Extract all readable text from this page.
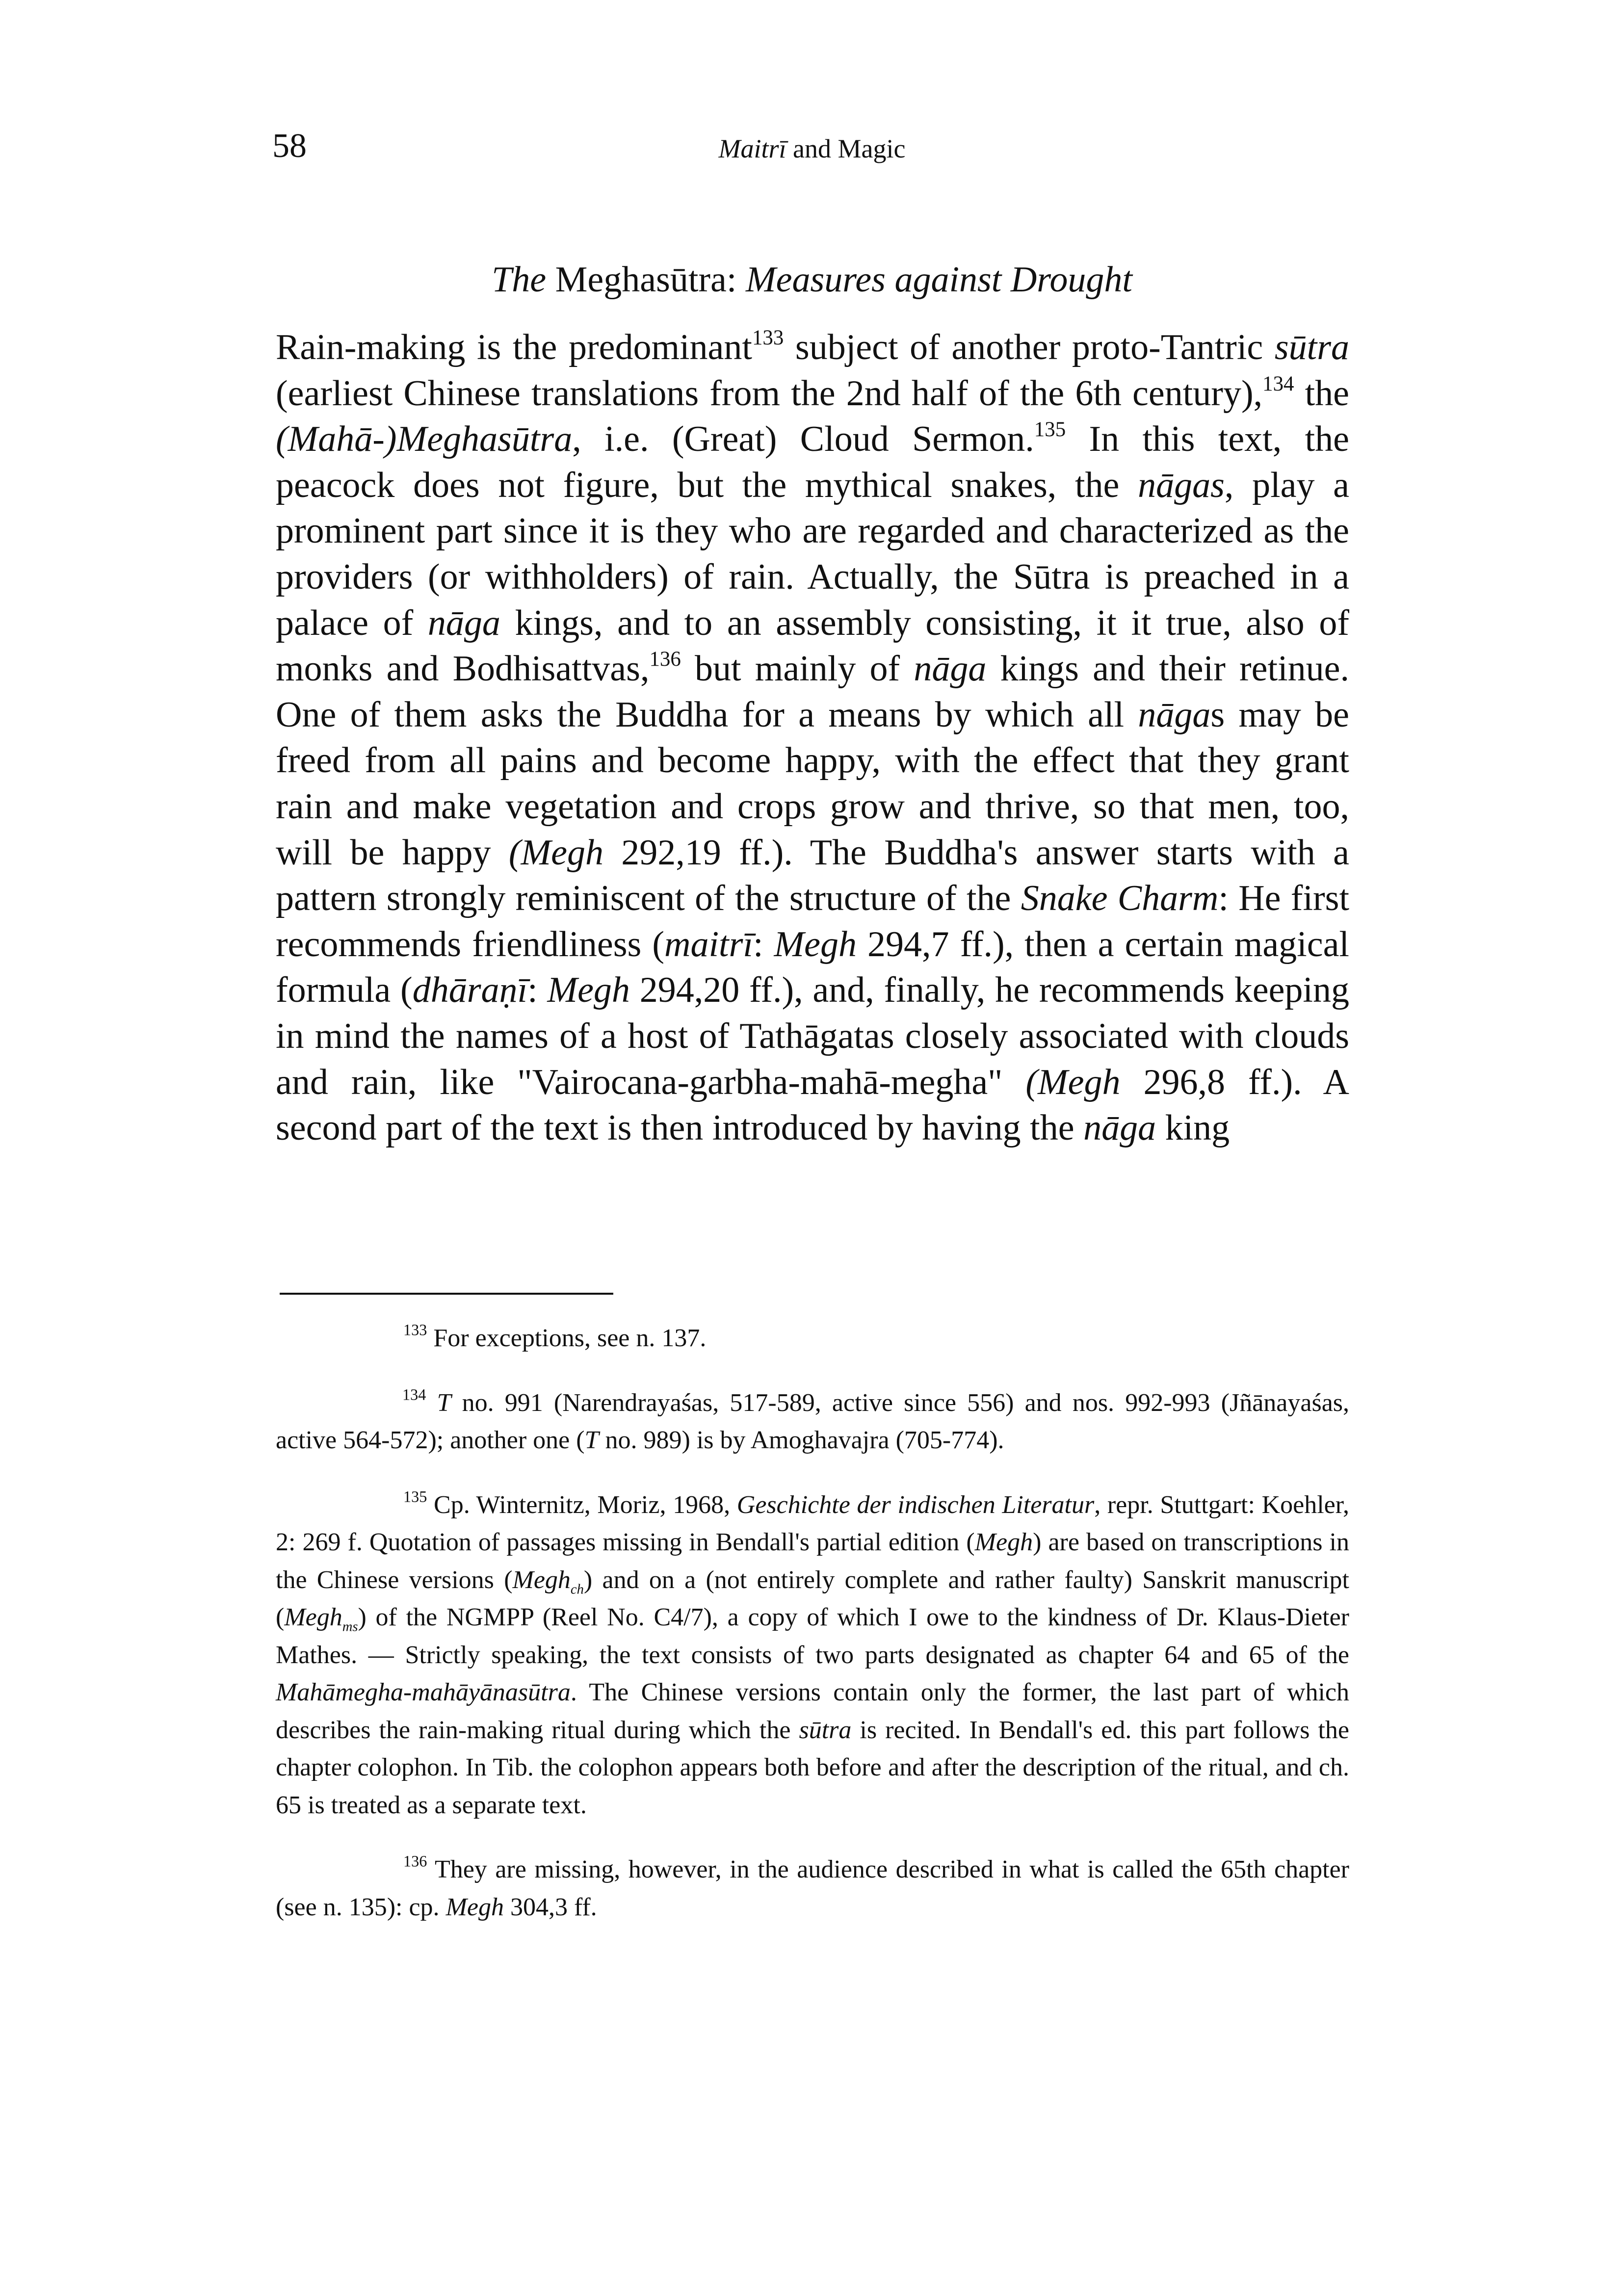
58	Maitrī and Magic
The Meghasūtra: Measures against Drought

Rain-making is the predominant$^{133}$ subject of another proto-Tantric sūtra (earliest Chinese translations from the 2nd half of the 6th century),$^{134}$ the (Mahā-)Meghasūtra, i.e. (Great) Cloud Sermon.$^{135}$ In this text, the peacock does not figure, but the mythical snakes, the nāgas, play a prominent part since it is they who are regarded and characterized as the providers (or withholders) of rain. Actually, the Sūtra is preached in a palace of nāga kings, and to an assembly consisting, it it true, also of monks and Bodhisattvas,$^{136}$ but mainly of nāga kings and their retinue. One of them asks the Buddha for a means by which all nāgas may be freed from all pains and become happy, with the effect that they grant rain and make vegetation and crops grow and thrive, so that men, too, will be happy (Megh 292,19 ff.). The Buddha's answer starts with a pattern strongly reminiscent of the structure of the Snake Charm: He first recommends friendliness (maitrī: Megh 294,7 ff.), then a certain magical formula (dhāraṇī: Megh 294,20 ff.), and, finally, he recommends keeping in mind the names of a host of Tathāgatas closely associated with clouds and rain, like "Vairocana-garbha-mahā-megha" (Megh 296,8 ff.). A second part of the text is then introduced by having the nāga king

$^{133}$ For exceptions, see n. 137.

$^{134}$ T no. 991 (Narendrayaśas, 517-589, active since 556) and nos. 992-993 (Jñānayaśas, active 564-572); another one (T no. 989) is by Amoghavajra (705-774).

$^{135}$ Cp. Winternitz, Moriz, 1968, Geschichte der indischen Literatur, repr. Stuttgart: Koehler, 2: 269 f. Quotation of passages missing in Bendall's partial edition (Megh) are based on transcriptions in the Chinese versions (Megh$_{ch}$) and on a (not entirely complete and rather faulty) Sanskrit manuscript (Megh$_{ms}$) of the NGMPP (Reel No. C4/7), a copy of which I owe to the kindness of Dr. Klaus-Dieter Mathes. — Strictly speaking, the text consists of two parts designated as chapter 64 and 65 of the Mahāmegha-mahāyānasūtra. The Chinese versions contain only the former, the last part of which describes the rain-making ritual during which the sūtra is recited. In Bendall's ed. this part follows the chapter colophon. In Tib. the colophon appears both before and after the description of the ritual, and ch. 65 is treated as a separate text.

$^{136}$ They are missing, however, in the audience described in what is called the 65th chapter (see n. 135): cp. Megh 304,3 ff.
